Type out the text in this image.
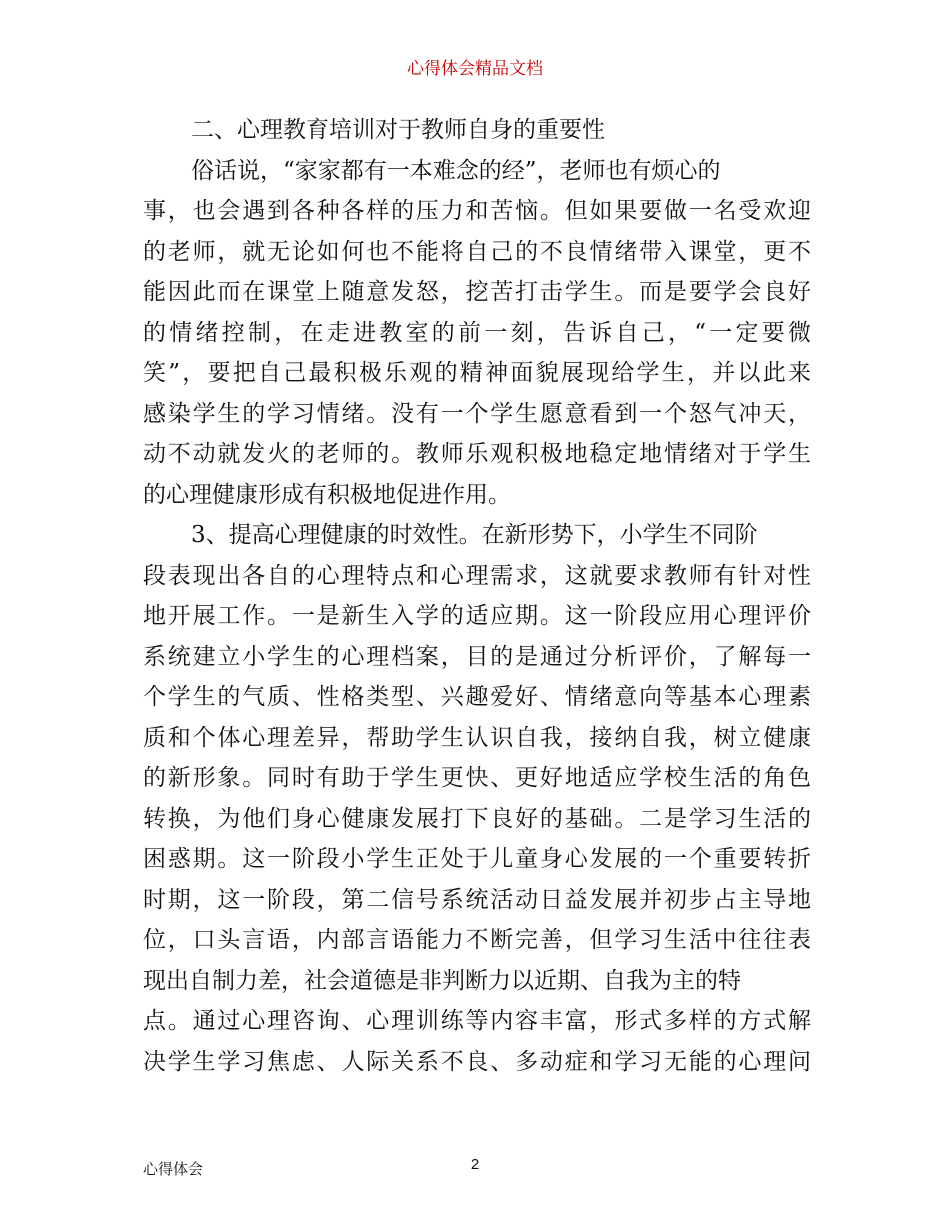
心得体会精品文档
二、心理教育培训对于教师自身的重要性
俗话说，“家家都有一本难念的经”，老师也有烦心的
事，也会遇到各种各样的压力和苦恼。但如果要做一名受欢迎
的老师，就无论如何也不能将自己的不良情绪带入课堂，更不
能因此而在课堂上随意发怒，挖苦打击学生。而是要学会良好
的情绪控制，在走进教室的前一刻，告诉自己，“一定要微
笑”，要把自己最积极乐观的精神面貌展现给学生，并以此来
感染学生的学习情绪。没有一个学生愿意看到一个怒气冲天，
动不动就发火的老师的。教师乐观积极地稳定地情绪对于学生
的心理健康形成有积极地促进作用。
3、提高心理健康的时效性。在新形势下，小学生不同阶
段表现出各自的心理特点和心理需求，这就要求教师有针对性
地开展工作。一是新生入学的适应期。这一阶段应用心理评价
系统建立小学生的心理档案，目的是通过分析评价，了解每一
个学生的气质、性格类型、兴趣爱好、情绪意向等基本心理素
质和个体心理差异，帮助学生认识自我，接纳自我，树立健康
的新形象。同时有助于学生更快、更好地适应学校生活的角色
转换，为他们身心健康发展打下良好的基础。二是学习生活的
困惑期。这一阶段小学生正处于儿童身心发展的一个重要转折
时期，这一阶段，第二信号系统活动日益发展并初步占主导地
位，口头言语，内部言语能力不断完善，但学习生活中往往表
现出自制力差，社会道德是非判断力以近期、自我为主的特
点。通过心理咨询、心理训练等内容丰富，形式多样的方式解
决学生学习焦虑、人际关系不良、多动症和学习无能的心理问
心得体会	2
